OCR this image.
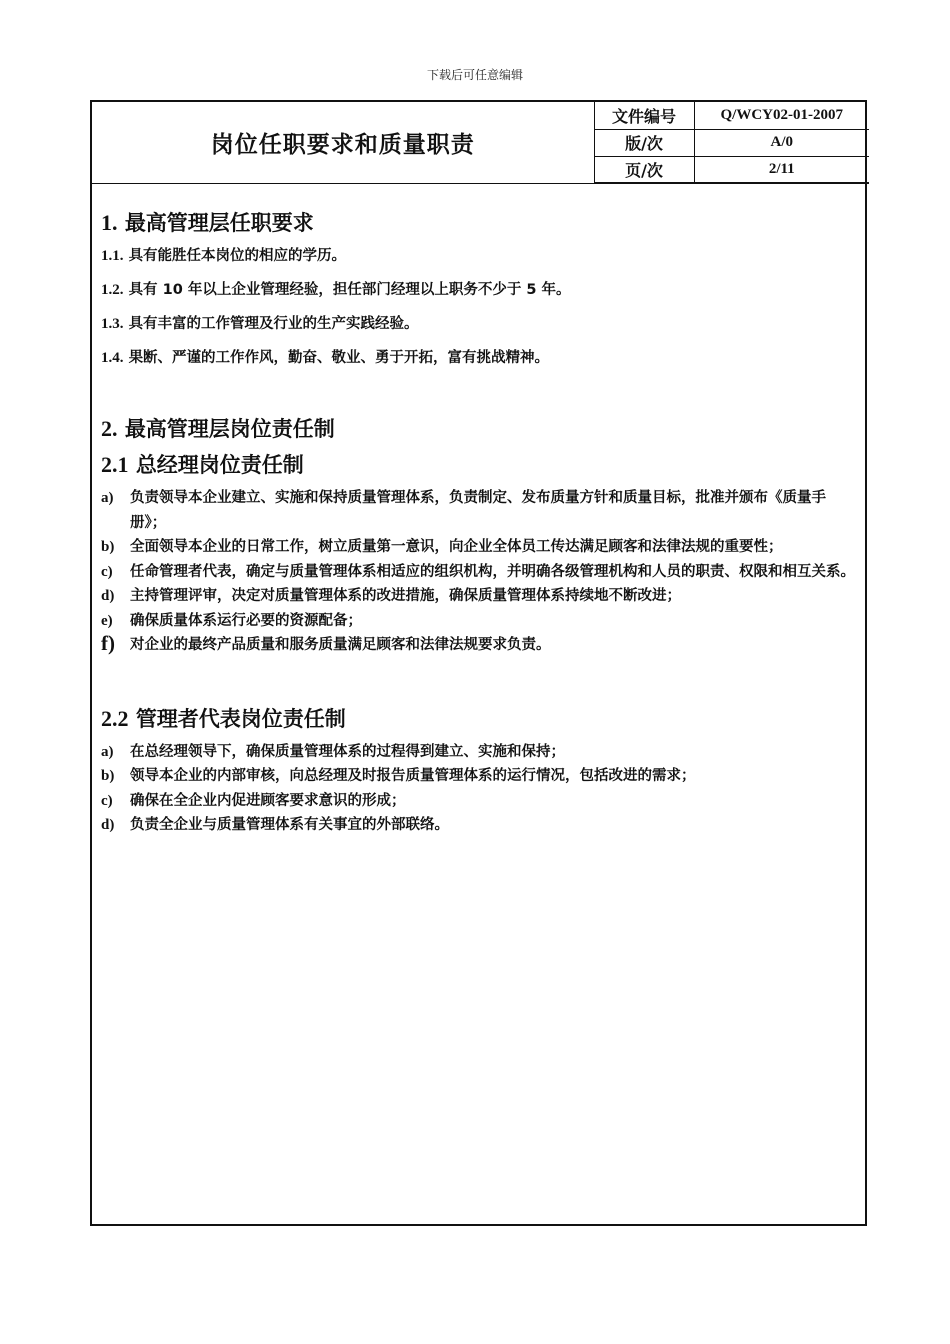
下载后可任意编辑
岗位任职要求和质量职责	文件编号	Q/WCY02-01-2007
	版/次	A/0
	页/次	2/11
1. 最高管理层任职要求

1.1. 具有能胜任本岗位的相应的学历。

1.2. 具有 10 年以上企业管理经验，担任部门经理以上职务不少于 5 年。

1.3. 具有丰富的工作管理及行业的生产实践经验。

1.4. 果断、严谨的工作作风，勤奋、敬业、勇于开拓，富有挑战精神。

2. 最高管理层岗位责任制
2.1 总经理岗位责任制
a) 负责领导本企业建立、实施和保持质量管理体系，负责制定、发布质量方针和质量目标，批准并颁布《质量手册》；
b) 全面领导本企业的日常工作，树立质量第一意识，向企业全体员工传达满足顾客和法律法规的重要性；
c) 任命管理者代表，确定与质量管理体系相适应的组织机构，并明确各级管理机构和人员的职责、权限和相互关系。
d) 主持管理评审，决定对质量管理体系的改进措施，确保质量管理体系持续地不断改进；
e) 确保质量体系运行必要的资源配备；
f) 对企业的最终产品质量和服务质量满足顾客和法律法规要求负责。
2.2 管理者代表岗位责任制
a) 在总经理领导下，确保质量管理体系的过程得到建立、实施和保持；
b) 领导本企业的内部审核，向总经理及时报告质量管理体系的运行情况，包括改进的需求；
c) 确保在全企业内促进顾客要求意识的形成；
d) 负责全企业与质量管理体系有关事宜的外部联络。
